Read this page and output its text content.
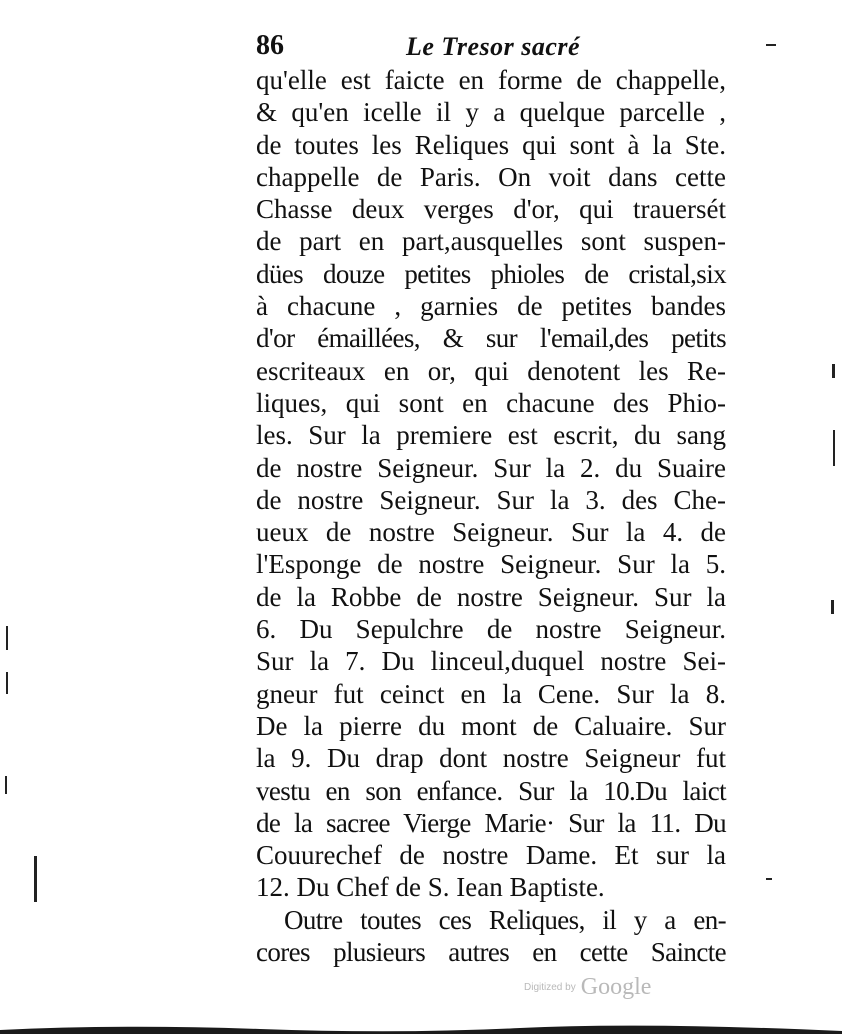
86	Le Tresor sacré
qu'elle est faicte en forme de chappelle,
& qu'en icelle il y a quelque parcelle ,
de toutes les Reliques qui sont à la Ste.
chappelle de Paris. On voit dans cette
Chasse deux verges d'or, qui trauersét
de part en part,ausquelles sont suspen-
dües douze petites phioles de cristal,six
à chacune , garnies de petites bandes
d'or émaillées, & sur l'email,des petits
escriteaux en or, qui denotent les Re-
liques, qui sont en chacune des Phio-
les. Sur la premiere est escrit, du sang
de nostre Seigneur. Sur la 2. du Suaire
de nostre Seigneur. Sur la 3. des Che-
ueux de nostre Seigneur. Sur la 4. de
l'Esponge de nostre Seigneur. Sur la 5.
de la Robbe de nostre Seigneur. Sur la
6. Du Sepulchre de nostre Seigneur.
Sur la 7. Du linceul,duquel nostre Sei-
gneur fut ceinct en la Cene. Sur la 8.
De la pierre du mont de Caluaire. Sur
la 9. Du drap dont nostre Seigneur fut
vestu en son enfance. Sur la 10.Du laict
de la sacree Vierge Marie· Sur la 11. Du
Couurechef de nostre Dame. Et sur la
12. Du Chef de S. Iean Baptiste.
Outre toutes ces Reliques, il y a en-
cores plusieurs autres en cette Saincte
Digitized by Google
